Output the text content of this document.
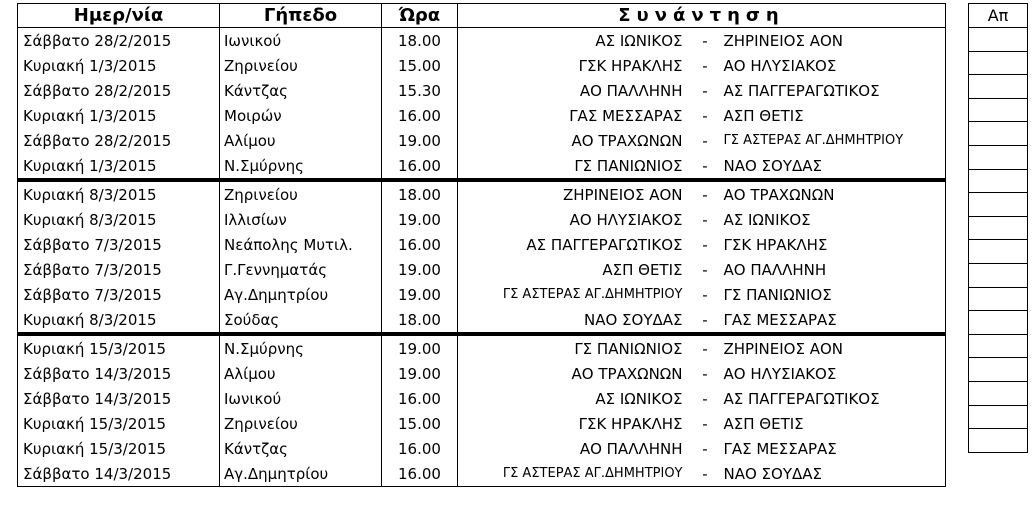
Ημερ/νία	Γήπεδο	Ώρα	Συνάντηση		
Σάββατο 28/2/2015	Ιωνικού	18.00	ΑΣ ΙΩΝΙΚΟΣ	-	ΖΗΡΙΝΕΙΟΣ ΑΟΝ
Κυριακή 1/3/2015	Ζηρινείου	15.00	ΓΣΚ ΗΡΑΚΛΗΣ	-	ΑΟ ΗΛΥΣΙΑΚΟΣ
Σάββατο 28/2/2015	Κάντζας	15.30	ΑΟ ΠΑΛΛΗΝΗ	-	ΑΣ ΠΑΓΓΕΡΑΓΩΤΙΚΟΣ
Κυριακή 1/3/2015	Μοιρών	16.00	ΓΑΣ ΜΕΣΣΑΡΑΣ	-	ΑΣΠ ΘΕΤΙΣ
Σάββατο 28/2/2015	Αλίμου	19.00	ΑΟ ΤΡΑΧΩΝΩΝ	-	ΓΣ ΑΣΤΕΡΑΣ ΑΓ.ΔΗΜΗΤΡΙΟΥ
Κυριακή 1/3/2015	Ν.Σμύρνης	16.00	ΓΣ ΠΑΝΙΩΝΙΟΣ	-	ΝΑΟ ΣΟΥΔΑΣ
Κυριακή 8/3/2015	Ζηρινείου	18.00	ΖΗΡΙΝΕΙΟΣ ΑΟΝ	-	ΑΟ ΤΡΑΧΩΝΩΝ
Κυριακή 8/3/2015	Ιλλισίων	19.00	ΑΟ ΗΛΥΣΙΑΚΟΣ	-	ΑΣ ΙΩΝΙΚΟΣ
Σάββατο 7/3/2015	Νεάπολης Μυτιλ.	16.00	ΑΣ ΠΑΓΓΕΡΑΓΩΤΙΚΟΣ	-	ΓΣΚ ΗΡΑΚΛΗΣ
Σάββατο 7/3/2015	Γ.Γεννηματάς	19.00	ΑΣΠ ΘΕΤΙΣ	-	ΑΟ ΠΑΛΛΗΝΗ
Σάββατο 7/3/2015	Αγ.Δημητρίου	19.00	ΓΣ ΑΣΤΕΡΑΣ ΑΓ.ΔΗΜΗΤΡΙΟΥ	-	ΓΣ ΠΑΝΙΩΝΙΟΣ
Κυριακή 8/3/2015	Σούδας	18.00	ΝΑΟ ΣΟΥΔΑΣ	-	ΓΑΣ ΜΕΣΣΑΡΑΣ
Κυριακή 15/3/2015	Ν.Σμύρνης	19.00	ΓΣ ΠΑΝΙΩΝΙΟΣ	-	ΖΗΡΙΝΕΙΟΣ ΑΟΝ
Σάββατο 14/3/2015	Αλίμου	19.00	ΑΟ ΤΡΑΧΩΝΩΝ	-	ΑΟ ΗΛΥΣΙΑΚΟΣ
Σάββατο 14/3/2015	Ιωνικού	16.00	ΑΣ ΙΩΝΙΚΟΣ	-	ΑΣ ΠΑΓΓΕΡΑΓΩΤΙΚΟΣ
Κυριακή 15/3/2015	Ζηρινείου	15.00	ΓΣΚ ΗΡΑΚΛΗΣ	-	ΑΣΠ ΘΕΤΙΣ
Κυριακή 15/3/2015	Κάντζας	16.00	ΑΟ ΠΑΛΛΗΝΗ	-	ΓΑΣ ΜΕΣΣΑΡΑΣ
Σάββατο 14/3/2015	Αγ.Δημητρίου	16.00	ΓΣ ΑΣΤΕΡΑΣ ΑΓ.ΔΗΜΗΤΡΙΟΥ	-	ΝΑΟ ΣΟΥΔΑΣ
Απ
